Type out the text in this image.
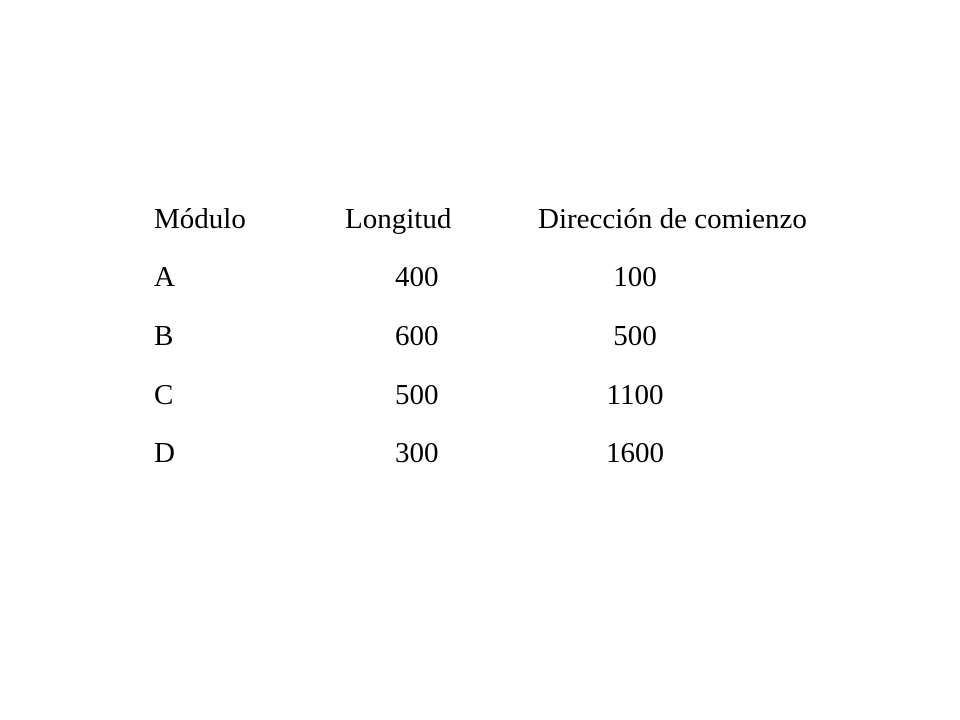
Módulo	Longitud	Dirección de comienzo
A	400	100
B	600	500
C	500	1100
D	300	1600
